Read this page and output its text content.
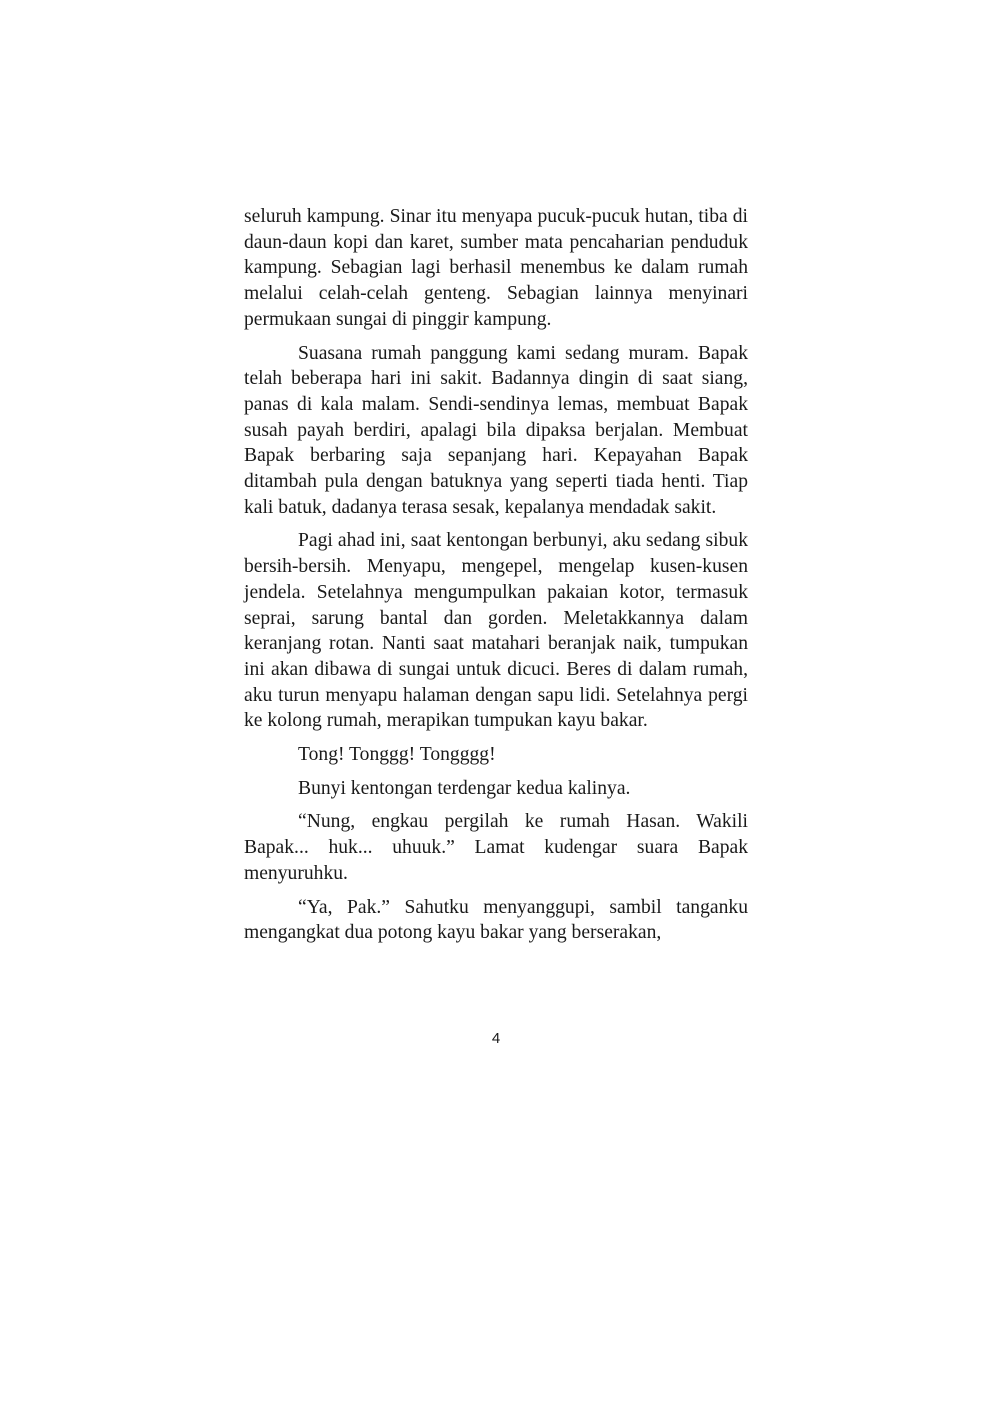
seluruh kampung. Sinar itu menyapa pucuk-pucuk hutan, tiba di daun-daun kopi dan karet, sumber mata pencaharian penduduk kampung. Sebagian lagi berhasil menembus ke dalam rumah melalui celah-celah genteng. Sebagian lainnya menyinari permukaan sungai di pinggir kampung.

Suasana rumah panggung kami sedang muram. Bapak telah beberapa hari ini sakit. Badannya dingin di saat siang, panas di kala malam. Sendi-sendinya lemas, membuat Bapak susah payah berdiri, apalagi bila dipaksa berjalan. Membuat Bapak berbaring saja sepanjang hari. Kepayahan Bapak ditambah pula dengan batuknya yang seperti tiada henti. Tiap kali batuk, dadanya terasa sesak, kepalanya mendadak sakit.

Pagi ahad ini, saat kentongan berbunyi, aku sedang sibuk bersih-bersih. Menyapu, mengepel, mengelap kusen-kusen jendela. Setelahnya mengumpulkan pakaian kotor, termasuk seprai, sarung bantal dan gorden. Meletakkannya dalam keranjang rotan. Nanti saat matahari beranjak naik, tumpukan ini akan dibawa di sungai untuk dicuci. Beres di dalam rumah, aku turun menyapu halaman dengan sapu lidi. Setelahnya pergi ke kolong rumah, merapikan tumpukan kayu bakar.

Tong! Tonggg! Tongggg!

Bunyi kentongan terdengar kedua kalinya.

“Nung, engkau pergilah ke rumah Hasan. Wakili Bapak... huk... uhuuk.” Lamat kudengar suara Bapak menyuruhku.

“Ya, Pak.” Sahutku menyanggupi, sambil tanganku mengangkat dua potong kayu bakar yang berserakan,

4
